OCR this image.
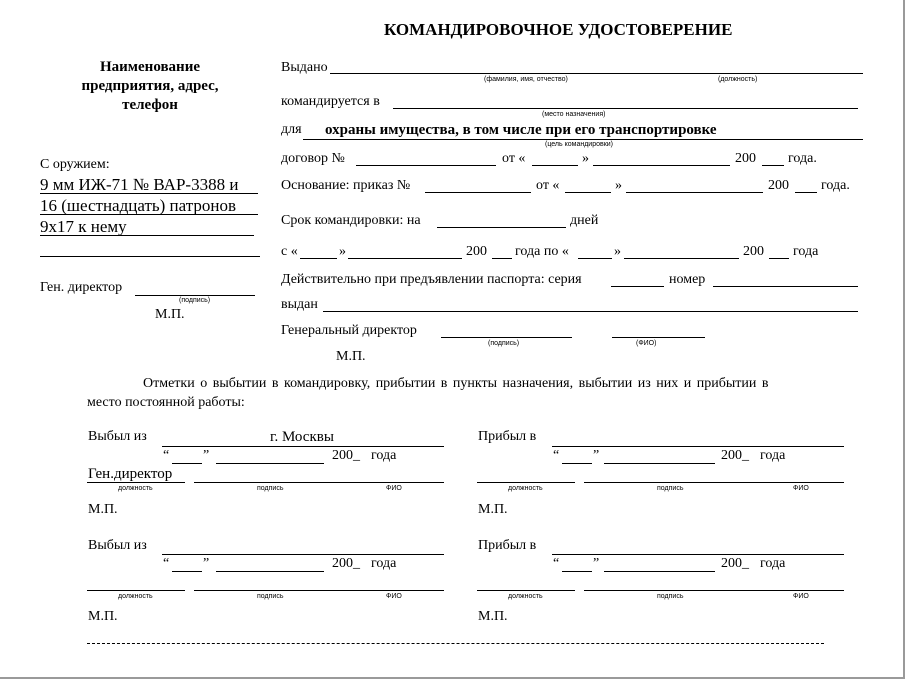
КОМАНДИРОВОЧНОЕ УДОСТОВЕРЕНИЕ
Наименование
предприятия, адрес,
телефон
С оружием:
9 мм ИЖ-71 № ВАР-3388 и
16 (шестнадцать) патронов
9х17 к нему
Ген. директор
(подпись)
М.П.
Выдано
(фамилия, имя, отчество)	(должность)
командируется в
(место назначения)
для охраны имущества, в том числе при его транспортировке
(цель командировки)
договор №	от «	»	200 года.
Основание: приказ №	от «	»	200 года.
Срок командировки: на	дней
с «	»	200 года по «	»	200 года
Действительно при предъявлении паспорта: серия	номер
выдан
Генеральный директор
(подпись)	(ФИО)
М.П.
Отметки о выбытии в командировку, прибытии в пункты назначения, выбытии из них и прибытии в
место постоянной работы:
Выбыл из	г. Москвы
“ ”	200_ года
Ген.директор
должность	подпись	ФИО
М.П.
Прибыл в
“ ”	200_ года
должность	подпись	ФИО
М.П.
Выбыл из
“ ”	200_ года
должность	подпись	ФИО
М.П.
Прибыл в
“ ”	200_ года
должность	подпись	ФИО
М.П.
